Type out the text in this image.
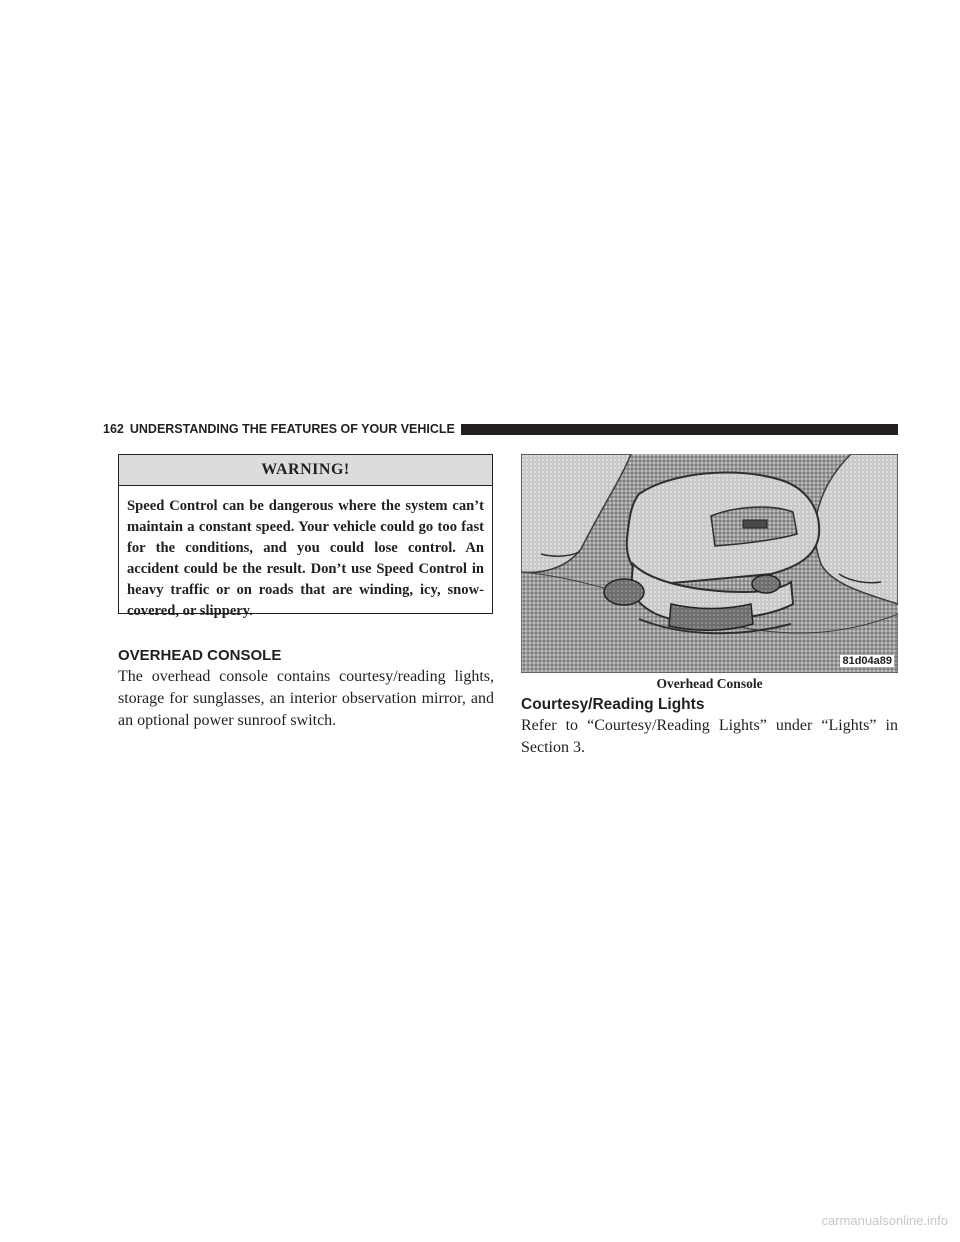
162 UNDERSTANDING THE FEATURES OF YOUR VEHICLE
WARNING!
Speed Control can be dangerous where the system can’t maintain a constant speed. Your vehicle could go too fast for the conditions, and you could lose control. An accident could be the result. Don’t use Speed Control in heavy traffic or on roads that are winding, icy, snow-covered, or slippery.
OVERHEAD CONSOLE

The overhead console contains courtesy/reading lights, storage for sunglasses, an interior observation mirror, and an optional power sunroof switch.

81d04a89
Overhead Console
Courtesy/Reading Lights

Refer to “Courtesy/Reading Lights” under “Lights” in Section 3.

carmanualsonline.info
